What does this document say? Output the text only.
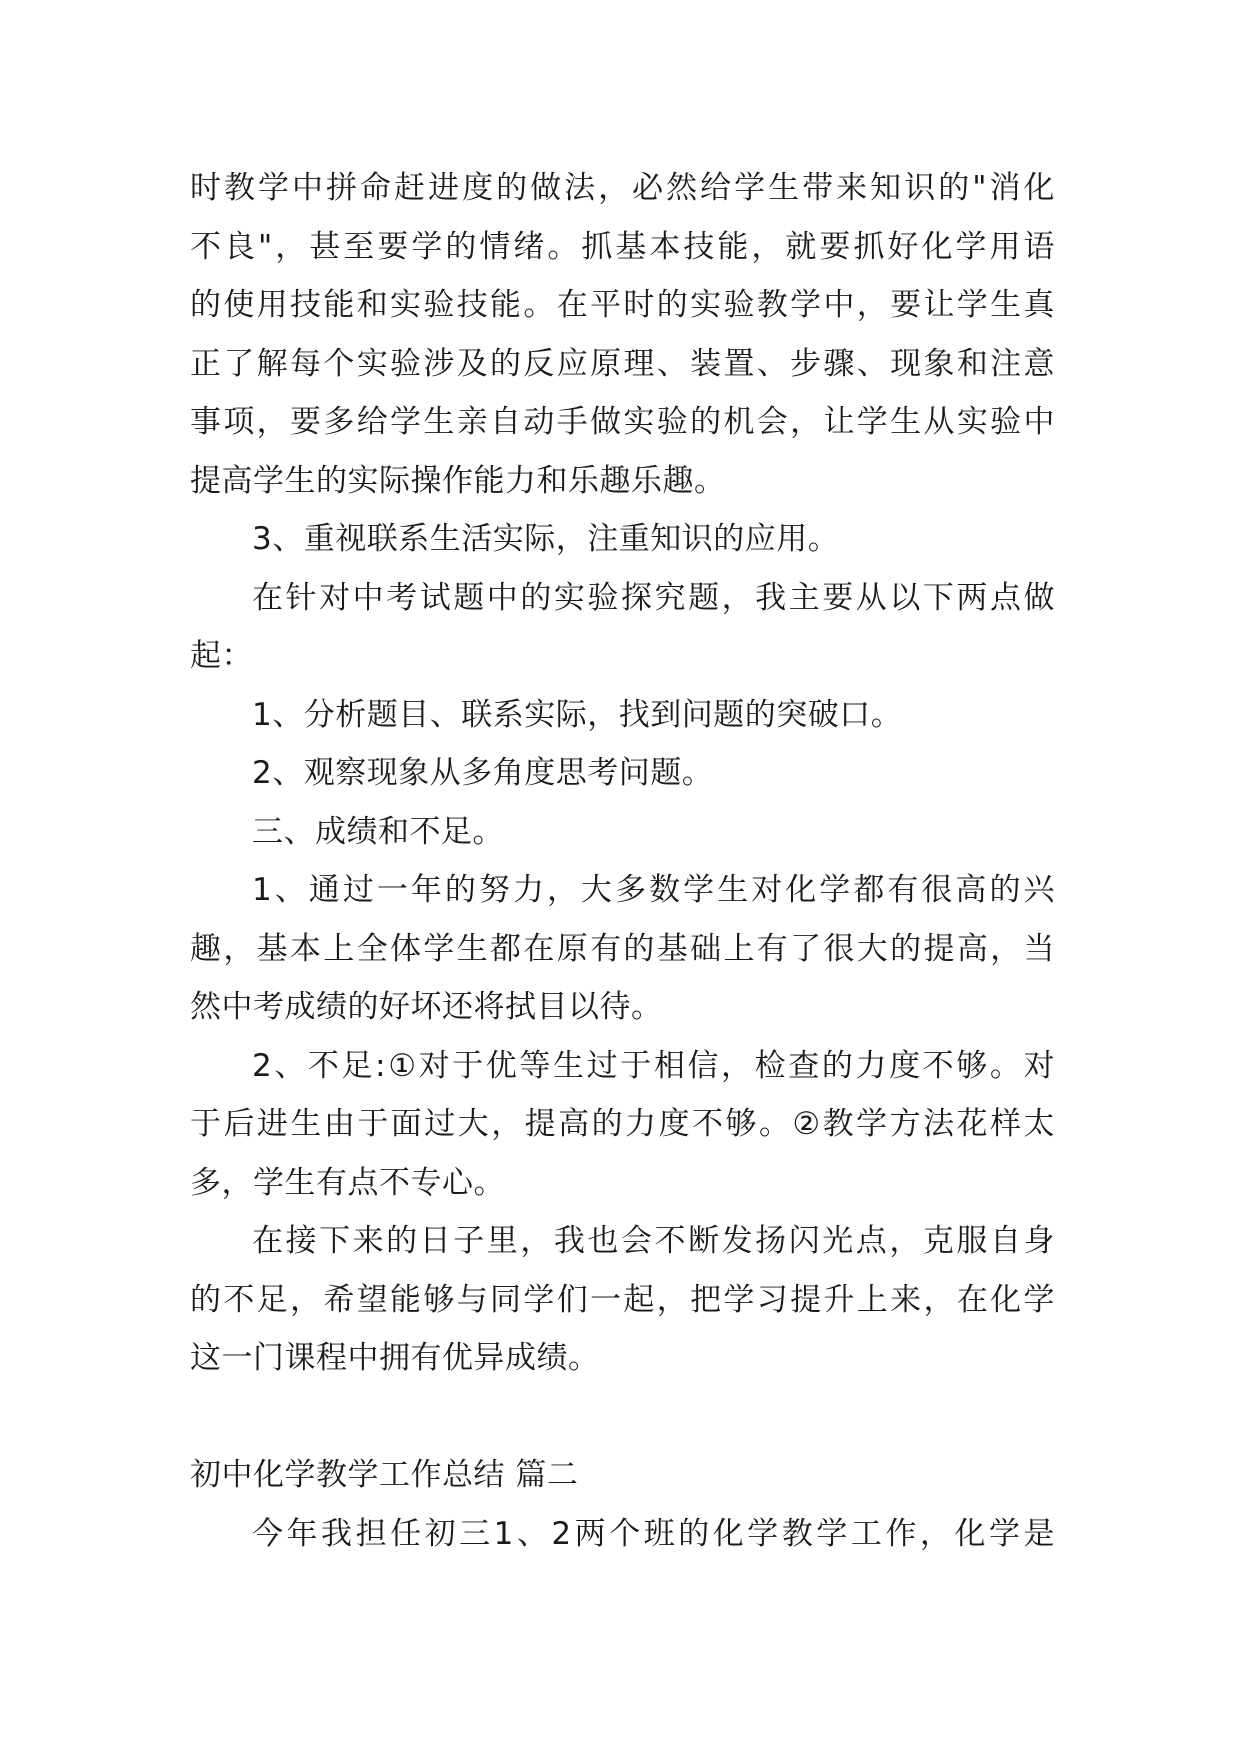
时教学中拼命赶进度的做法，必然给学生带来知识的"消化
不良"，甚至要学的情绪。抓基本技能，就要抓好化学用语
的使用技能和实验技能。在平时的实验教学中，要让学生真
正了解每个实验涉及的反应原理、装置、步骤、现象和注意
事项，要多给学生亲自动手做实验的机会，让学生从实验中
提高学生的实际操作能力和乐趣乐趣。
3、重视联系生活实际，注重知识的应用。
在针对中考试题中的实验探究题，我主要从以下两点做
起：
1、分析题目、联系实际，找到问题的突破口。
2、观察现象从多角度思考问题。
三、成绩和不足。
1、通过一年的努力，大多数学生对化学都有很高的兴
趣，基本上全体学生都在原有的基础上有了很大的提高，当
然中考成绩的好坏还将拭目以待。
2、不足:①对于优等生过于相信，检查的力度不够。对
于后进生由于面过大，提高的力度不够。②教学方法花样太
多，学生有点不专心。
在接下来的日子里，我也会不断发扬闪光点，克服自身
的不足，希望能够与同学们一起，把学习提升上来，在化学
这一门课程中拥有优异成绩。
初中化学教学工作总结 篇二
今年我担任初三1、2两个班的化学教学工作，化学是
